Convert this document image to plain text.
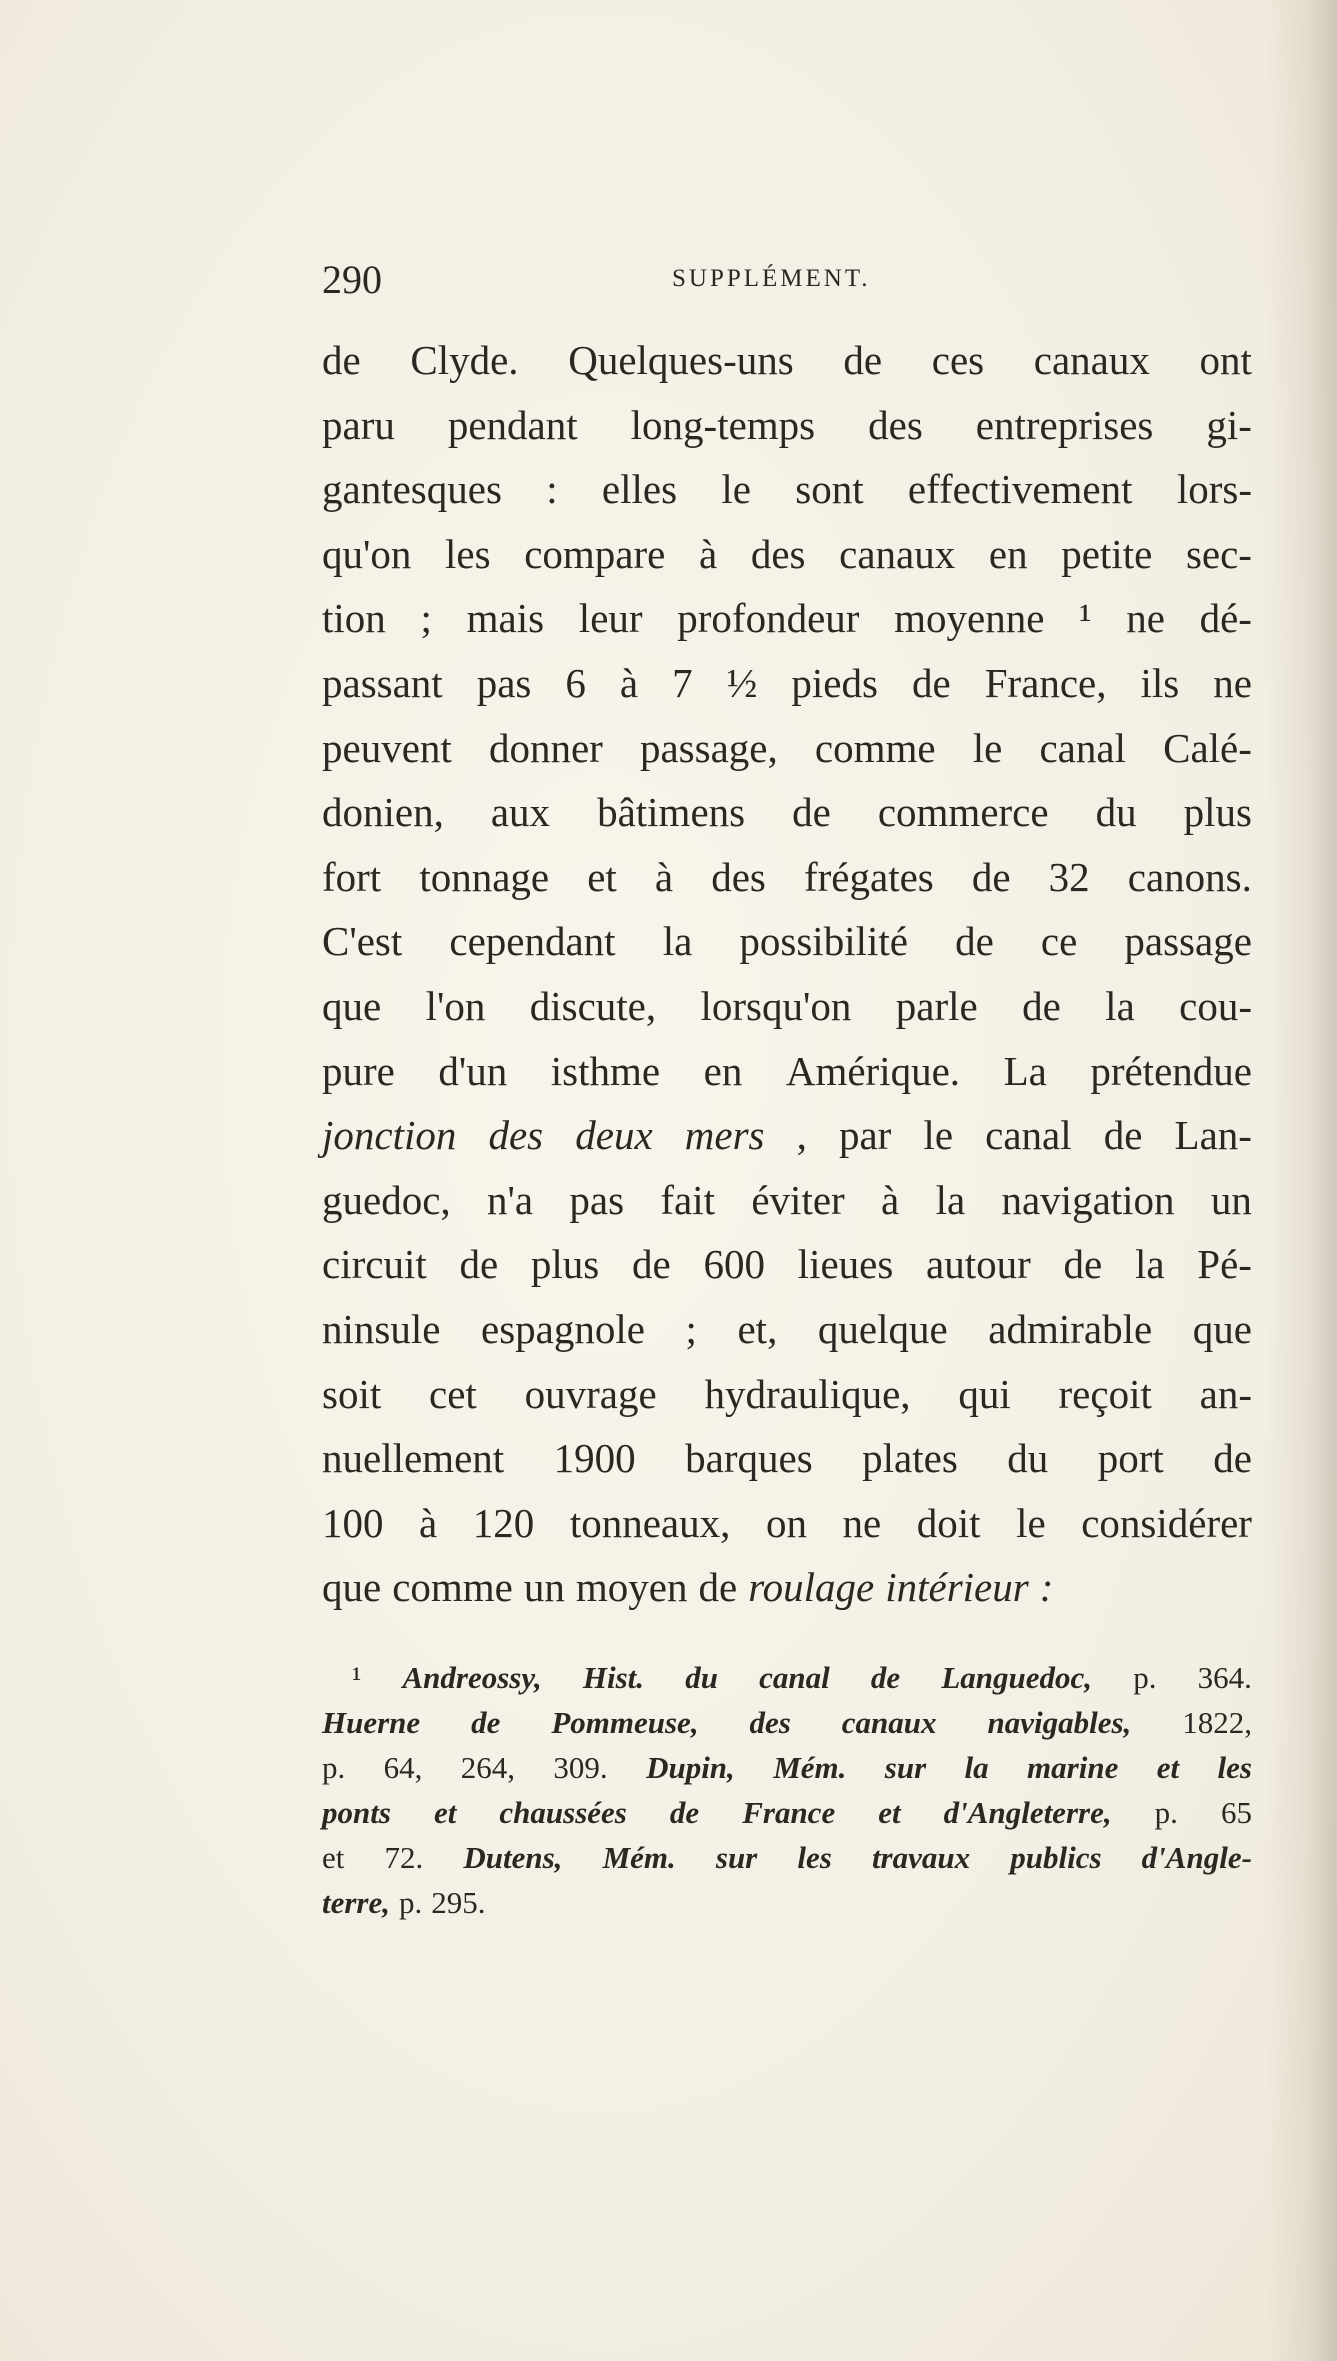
290	SUPPLÉMENT.
de Clyde. Quelques-uns de ces canaux ont
paru pendant long-temps des entreprises gi-
gantesques : elles le sont effectivement lors-
qu'on les compare à des canaux en petite sec-
tion ; mais leur profondeur moyenne ¹ ne dé-
passant pas 6 à 7 ½ pieds de France, ils ne
peuvent donner passage, comme le canal Calé-
donien, aux bâtimens de commerce du plus
fort tonnage et à des frégates de 32 canons.
C'est cependant la possibilité de ce passage
que l'on discute, lorsqu'on parle de la cou-
pure d'un isthme en Amérique. La prétendue
jonction des deux mers , par le canal de Lan-
guedoc, n'a pas fait éviter à la navigation un
circuit de plus de 600 lieues autour de la Pé-
ninsule espagnole ; et, quelque admirable que
soit cet ouvrage hydraulique, qui reçoit an-
nuellement 1900 barques plates du port de
100 à 120 tonneaux, on ne doit le considérer
que comme un moyen de roulage intérieur :
¹ Andreossy, Hist. du canal de Languedoc, p. 364.
Huerne de Pommeuse, des canaux navigables, 1822,
p. 64, 264, 309. Dupin, Mém. sur la marine et les
ponts et chaussées de France et d'Angleterre, p. 65
et 72. Dutens, Mém. sur les travaux publics d'Angle-
terre, p. 295.
